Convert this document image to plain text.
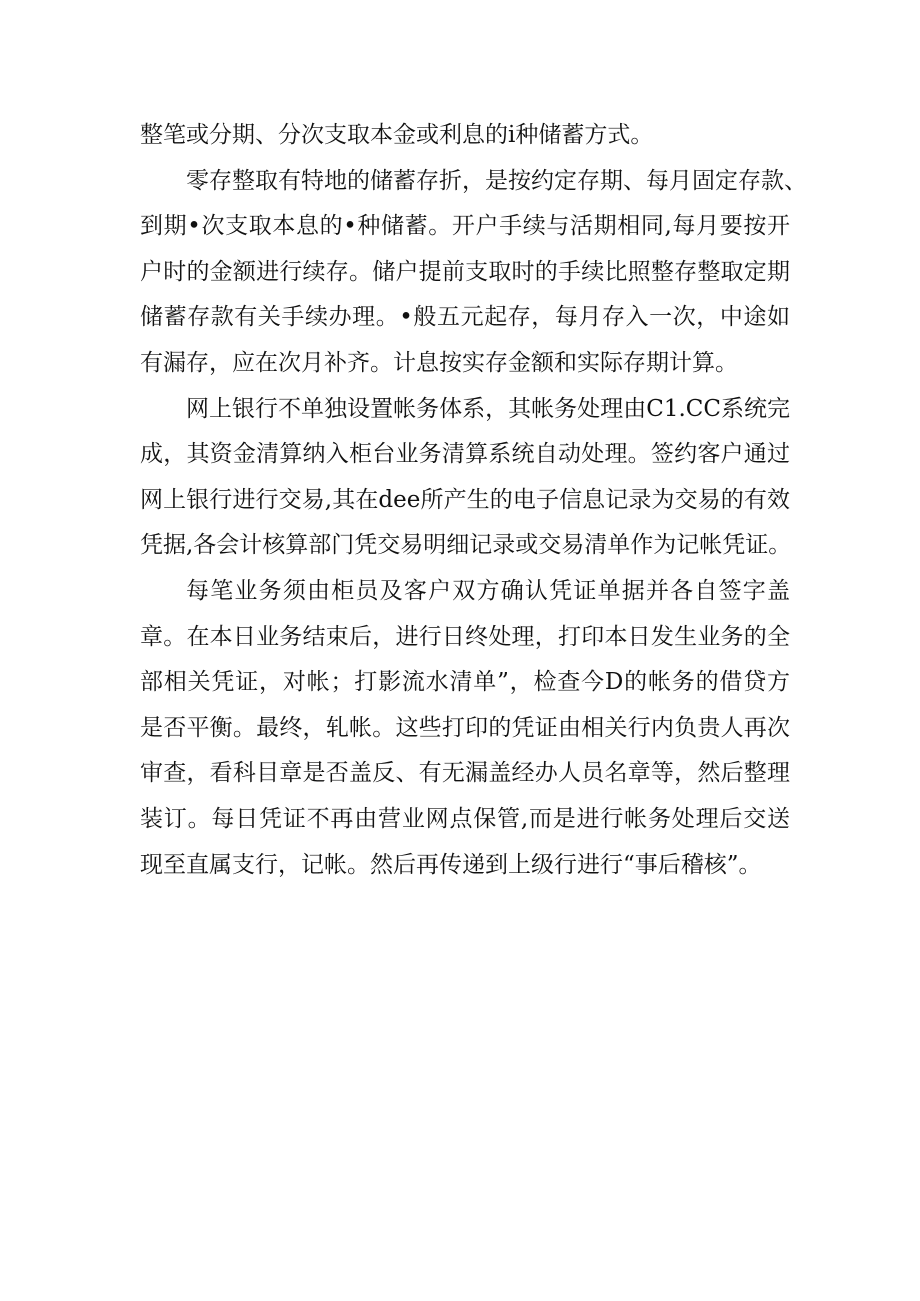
整笔或分期、分次支取本金或利息的i种储蓄方式。
零存整取有特地的储蓄存折，是按约定存期、每月固定存款、
到期•次支取本息的•种储蓄。开户手续与活期相同,每月要按开
户时的金额进行续存。储户提前支取时的手续比照整存整取定期
储蓄存款有关手续办理。•般五元起存，每月存入一次，中途如
有漏存，应在次月补齐。计息按实存金额和实际存期计算。
网上银行不单独设置帐务体系，其帐务处理由C1.CC系统完
成，其资金清算纳入柜台业务清算系统自动处理。签约客户通过
网上银行进行交易,其在dee所产生的电子信息记录为交易的有效
凭据,各会计核算部门凭交易明细记录或交易清单作为记帐凭证。
每笔业务须由柜员及客户双方确认凭证单据并各自签字盖
章。在本日业务结束后，进行日终处理，打印本日发生业务的全
部相关凭证，对帐；打影流水清单”，检查今D的帐务的借贷方
是否平衡。最终，轧帐。这些打印的凭证由相关行内负贵人再次
审查，看科目章是否盖反、有无漏盖经办人员名章等，然后整理
装订。每日凭证不再由营业网点保管,而是进行帐务处理后交送
现至直属支行，记帐。然后再传递到上级行进行“事后稽核”。
